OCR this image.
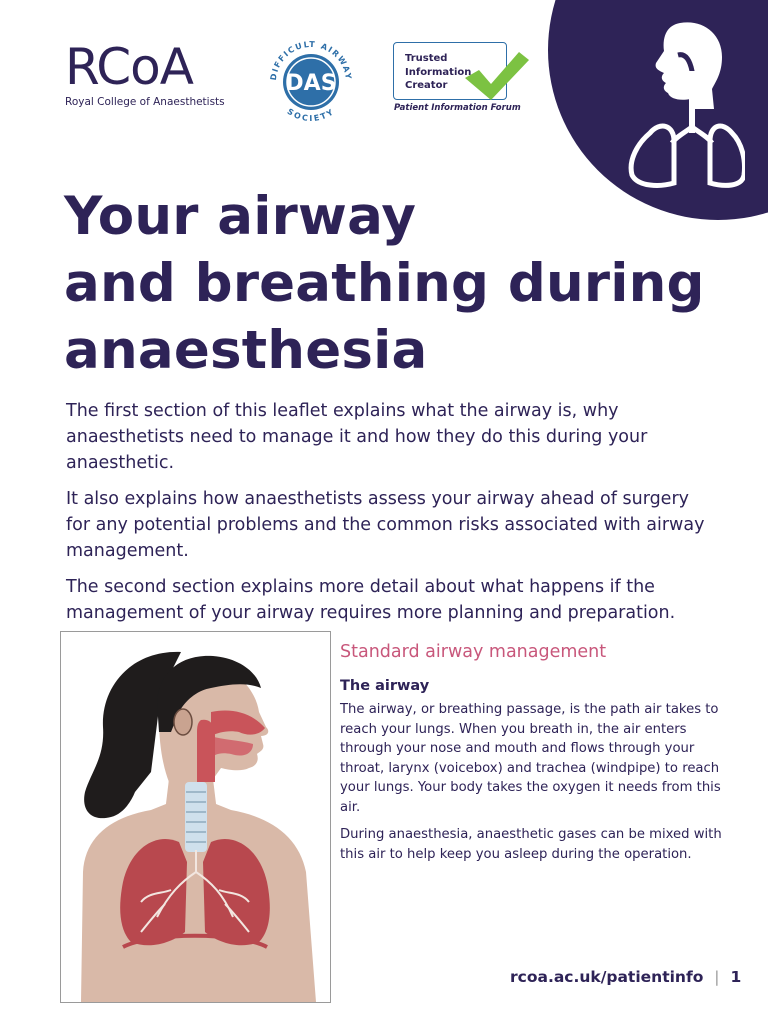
RCoA
Royal College of Anaesthetists
DAS
DIFFICULT AIRWAY
SOCIETY
Trusted
Information
Creator
Patient Information Forum
Your airway
and breathing during
anaesthesia

The first section of this leaflet explains what the airway is, why anaesthetists need to manage it and how they do this during your anaesthetic.

It also explains how anaesthetists assess your airway ahead of surgery for any potential problems and the common risks associated with airway management.

The second section explains more detail about what happens if the management of your airway requires more planning and preparation.

Standard airway management
The airway

The airway, or breathing passage, is the path air takes to reach your lungs. When you breath in, the air enters through your nose and mouth and flows through your throat, larynx (voicebox) and trachea (windpipe) to reach your lungs. Your body takes the oxygen it needs from this air.

During anaesthesia, anaesthetic gases can be mixed with this air to help keep you asleep during the operation.

rcoa.ac.uk/patientinfo | 1
